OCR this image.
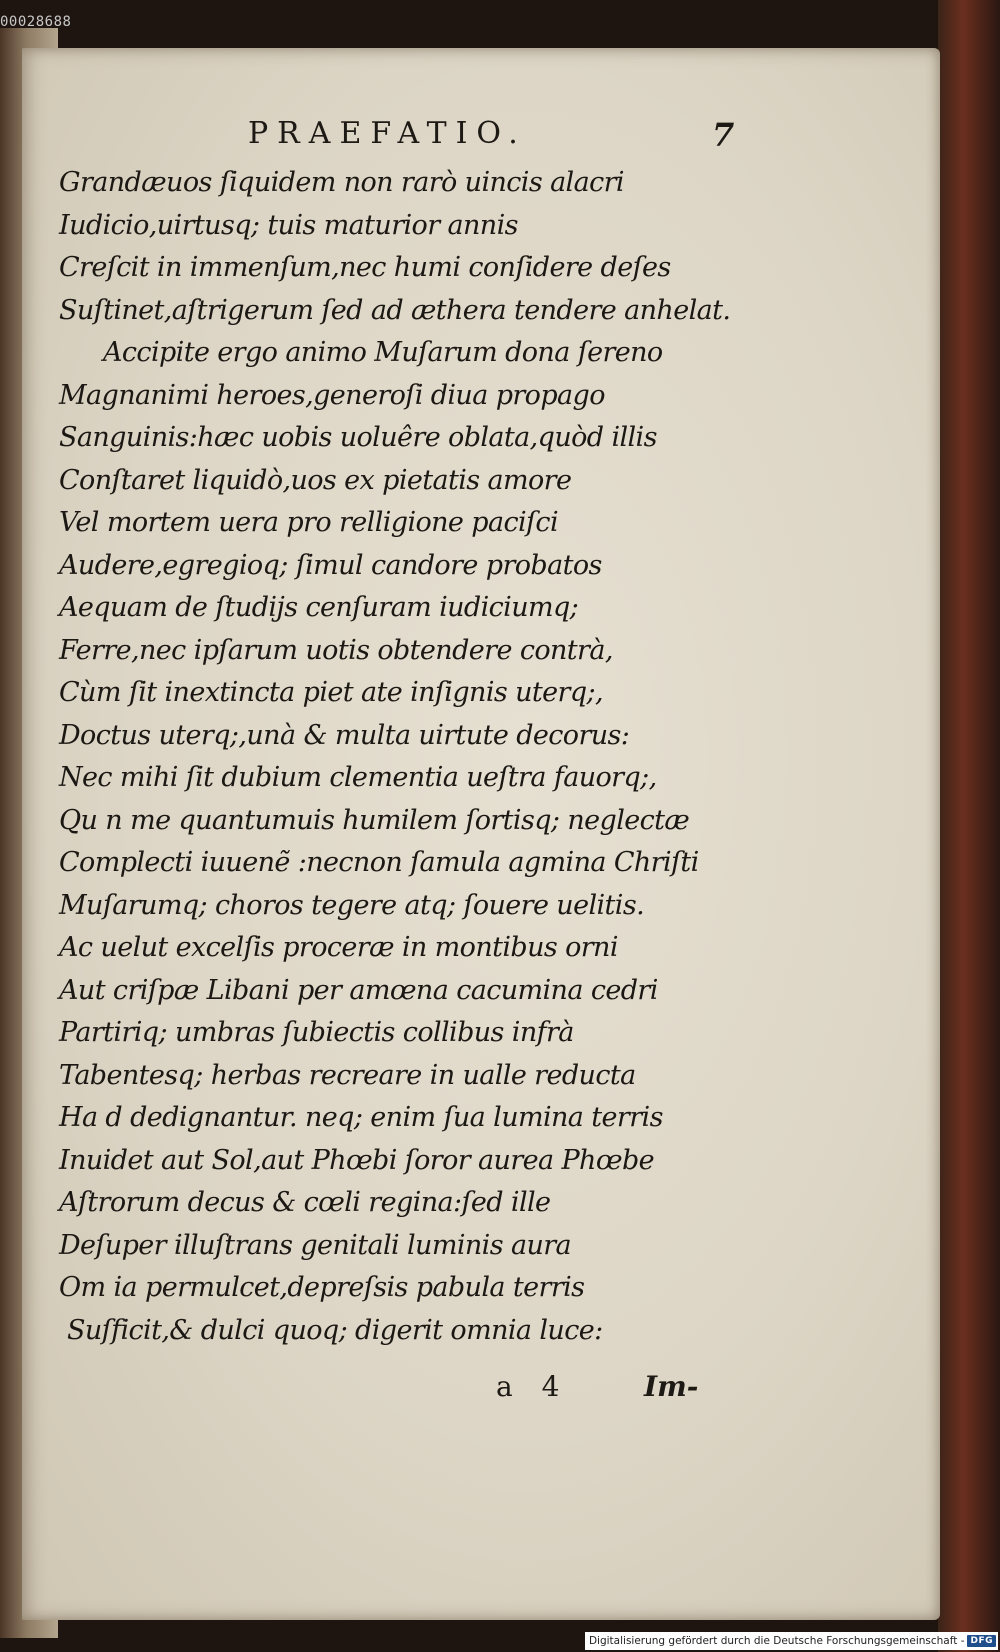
PRAEFATIO.	7
Grandæuos ſiquidem non rarò uincis alacri
Iudicio,uirtusq; tuis maturior annis
Creſcit in immenſum,nec humi conſidere deſes
Suſtinet,aſtrigerum ſed ad æthera tendere anhelat.
Accipite ergo animo Muſarum dona ſereno
Magnanimi heroes,generoſi diua propago
Sanguinis:hæc uobis uoluêre oblata,quòd illis
Conſtaret liquidò,uos ex pietatis amore
Vel mortem uera pro relligione paciſci
Audere,egregioq; ſimul candore probatos
Aequam de ſtudijs cenſuram iudiciumq;
Ferre,nec ipſarum uotis obtendere contrà,
Cùm ſit inextincta piet ate inſignis uterq;,
Doctus uterq;,unà & multa uirtute decorus:
Nec mihi ſit dubium clementia ueſtra fauorq;,
Qu n me quantumuis humilem ſortisq; neglectæ
Complecti iuuenẽ :necnon ſamula agmina Chriſti
Muſarumq; choros tegere atq; ſouere uelitis.
Ac uelut excelſis proceræ in montibus orni
Aut criſpæ Libani per amœna cacumina cedri
Partiriq; umbras ſubiectis collibus infrà
Tabentesq; herbas recreare in ualle reducta
Ha d dedignantur. neq; enim ſua lumina terris
Inuidet aut Sol,aut Phœbi ſoror aurea Phœbe
Aſtrorum decus & cœli regina:ſed ille
Deſuper illuſtrans genitali luminis aura
Om ia permulcet,depreſsis pabula terris
Suſficit,& dulci quoq; digerit omnia luce:
a 4	Im-
00028688
Digitalisierung gefördert durch die Deutsche Forschungsgemeinschaft - DFG
